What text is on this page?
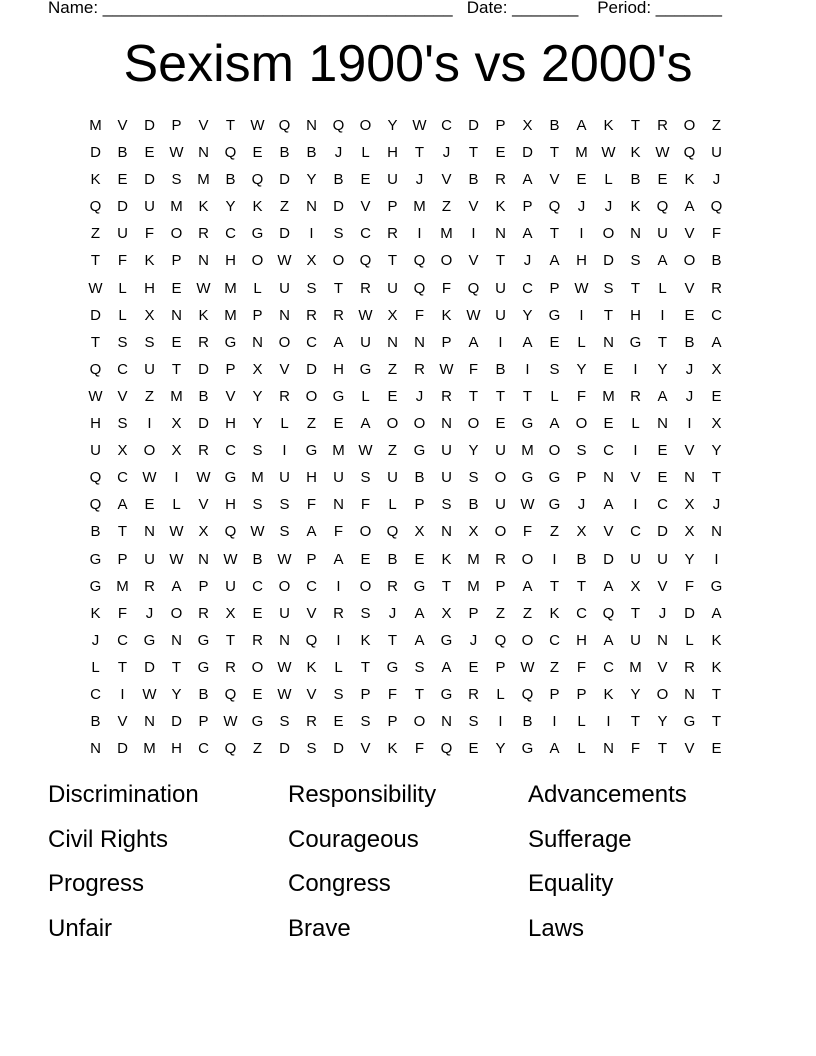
Name: _____________________________________   Date: _______    Period: _______
Sexism 1900's vs 2000's
M	V	D	P	V	T	W Q	N	Q	O	Y W C	D	P	X	B	A	K	T	R	O	Z
D	B	E W N	Q	E	B	B	J	L	H	T	J	T	E	D	T	M W K W Q	U
K	E	D	S	M	B	Q	D	Y	B	E	U	J	V	B	R	A	V	E	L	B	E	K	J
Q	D	U	M	K	Y	K	Z	N	D	V	P	M	Z	V	K	P	Q	J	J	K	Q	A	Q
Z	U	F	O	R	C	G	D	I	S	C	R	I	M	I	N	A	T	I	O	N	U	V	F
T	F	K	P	N	H	O W X	O	Q	T	Q	O	V	T	J	A	H	D	S	A	O	B
W	L	H	E W M	L	U	S	T	R	U	Q	F	Q	U	C	P W S	T	L	V	R
D	L	X	N	K	M	P	N	R	R W X	F	K W U	Y	G	I	T	H	I	E	C
T	S	S	E	R	G	N	O	C	A	U	N	N	P	A	I	A	E	L	N	G	T	B	A
Q	C	U	T	D	P	X	V	D	H	G	Z	R W	F	B	I	S	Y	E	I	Y	J	X
W V	Z	M	B	V	Y	R	O	G	L	E	J	R	T	T	T	L	F	M	R	A	J	E
H	S	I	X	D	H	Y	L	Z	E	A	O	O	N	O	E	G	A	O	E	L	N	I	X
U	X	O	X	R	C	S	I	G M W	Z	G	U	Y	U	M O	S	C	I	E	V	Y
Q	C W	I	W G M	U	H	U	S	U	B	U	S	O	G	G	P	N	V	E	N	T
Q	A	E	L	V	H	S	S	F	N	F	L	P	S	B	U W G	J	A	I	C	X	J
B	T	N W X	Q W S	A	F	O	Q	X	N	X	O	F	Z	X	V	C	D	X	N
G	P	U W N W B W P	A	E	B	E	K	M	R	O	I	B	D	U	U	Y	I
G M	R	A	P	U	C	O	C	I	O	R	G	T	M	P	A	T	T	A	X	V	F	G
K	F	J	O	R	X	E	U	V	R	S	J	A	X	P	Z	Z	K	C	Q	T	J	D	A
J	C	G	N	G	T	R	N	Q	I	K	T	A	G	J	Q	O	C	H	A	U	N	L	K
L	T	D	T	G	R	O W K	L	T	G	S	A	E	P W	Z	F	C	M	V	R	K
C	I	W Y	B	Q	E W V	S	P	F	T	G	R	L	Q	P	P	K	Y	O	N	T
B	V	N	D	P W G	S	R	E	S	P	O	N	S	I	B	I	L	I	T	Y	G	T
N	D	M	H	C	Q	Z	D	S	D	V	K	F	Q	E	Y	G	A	L	N	F	T	V	E
Discrimination	Responsibility	Advancements
Civil Rights	Courageous	Sufferage
Progress	Congress	Equality
Unfair	Brave	Laws
